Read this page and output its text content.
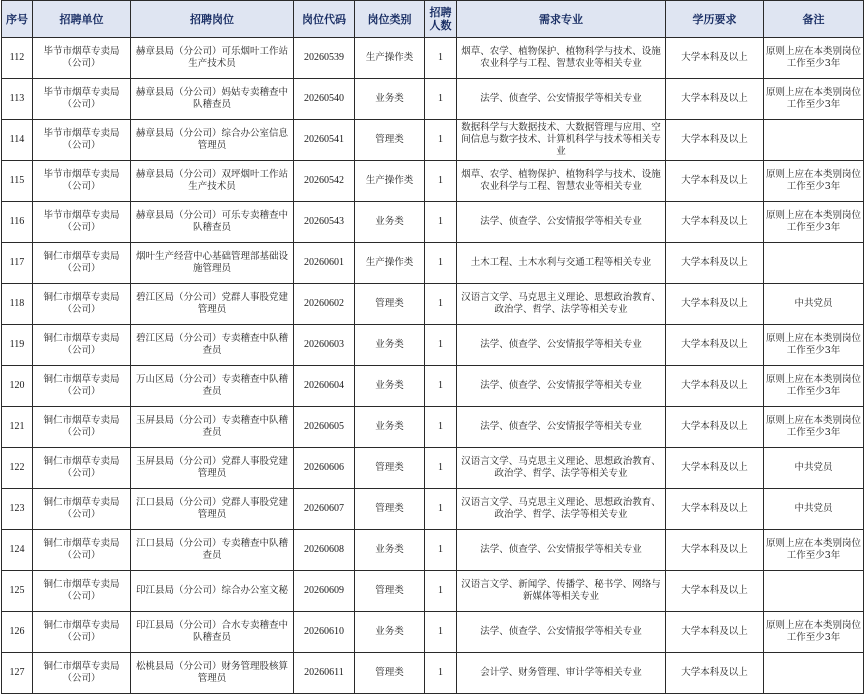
序号	招聘单位	招聘岗位	岗位代码	岗位类别	招聘人数	需求专业	学历要求	备注
112	毕节市烟草专卖局（公司）	赫章县局（分公司）可乐烟叶工作站生产技术员	20260539	生产操作类	1	烟草、农学、植物保护、植物科学与技术、设施农业科学与工程、智慧农业等相关专业	大学本科及以上	原则上应在本类别岗位工作至少3年
113	毕节市烟草专卖局（公司）	赫章县局（分公司）妈姑专卖稽查中队稽查员	20260540	业务类	1	法学、侦查学、公安情报学等相关专业	大学本科及以上	原则上应在本类别岗位工作至少3年
114	毕节市烟草专卖局（公司）	赫章县局（分公司）综合办公室信息管理员	20260541	管理类	1	数据科学与大数据技术、大数据管理与应用、空间信息与数字技术、计算机科学与技术等相关专业	大学本科及以上	
115	毕节市烟草专卖局（公司）	赫章县局（分公司）双坪烟叶工作站生产技术员	20260542	生产操作类	1	烟草、农学、植物保护、植物科学与技术、设施农业科学与工程、智慧农业等相关专业	大学本科及以上	原则上应在本类别岗位工作至少3年
116	毕节市烟草专卖局（公司）	赫章县局（分公司）可乐专卖稽查中队稽查员	20260543	业务类	1	法学、侦查学、公安情报学等相关专业	大学本科及以上	原则上应在本类别岗位工作至少3年
117	铜仁市烟草专卖局（公司）	烟叶生产经营中心基础管理部基础设施管理员	20260601	生产操作类	1	土木工程、土木水利与交通工程等相关专业	大学本科及以上	
118	铜仁市烟草专卖局（公司）	碧江区局（分公司）党群人事股党建管理员	20260602	管理类	1	汉语言文学、马克思主义理论、思想政治教育、政治学、哲学、法学等相关专业	大学本科及以上	中共党员
119	铜仁市烟草专卖局（公司）	碧江区局（分公司）专卖稽查中队稽查员	20260603	业务类	1	法学、侦查学、公安情报学等相关专业	大学本科及以上	原则上应在本类别岗位工作至少3年
120	铜仁市烟草专卖局（公司）	万山区局（分公司）专卖稽查中队稽查员	20260604	业务类	1	法学、侦查学、公安情报学等相关专业	大学本科及以上	原则上应在本类别岗位工作至少3年
121	铜仁市烟草专卖局（公司）	玉屏县局（分公司）专卖稽查中队稽查员	20260605	业务类	1	法学、侦查学、公安情报学等相关专业	大学本科及以上	原则上应在本类别岗位工作至少3年
122	铜仁市烟草专卖局（公司）	玉屏县局（分公司）党群人事股党建管理员	20260606	管理类	1	汉语言文学、马克思主义理论、思想政治教育、政治学、哲学、法学等相关专业	大学本科及以上	中共党员
123	铜仁市烟草专卖局（公司）	江口县局（分公司）党群人事股党建管理员	20260607	管理类	1	汉语言文学、马克思主义理论、思想政治教育、政治学、哲学、法学等相关专业	大学本科及以上	中共党员
124	铜仁市烟草专卖局（公司）	江口县局（分公司）专卖稽查中队稽查员	20260608	业务类	1	法学、侦查学、公安情报学等相关专业	大学本科及以上	原则上应在本类别岗位工作至少3年
125	铜仁市烟草专卖局（公司）	印江县局（分公司）综合办公室文秘	20260609	管理类	1	汉语言文学、新闻学、传播学、秘书学、网络与新媒体等相关专业	大学本科及以上	
126	铜仁市烟草专卖局（公司）	印江县局（分公司）合水专卖稽查中队稽查员	20260610	业务类	1	法学、侦查学、公安情报学等相关专业	大学本科及以上	原则上应在本类别岗位工作至少3年
127	铜仁市烟草专卖局（公司）	松桃县局（分公司）财务管理股核算管理员	20260611	管理类	1	会计学、财务管理、审计学等相关专业	大学本科及以上	
